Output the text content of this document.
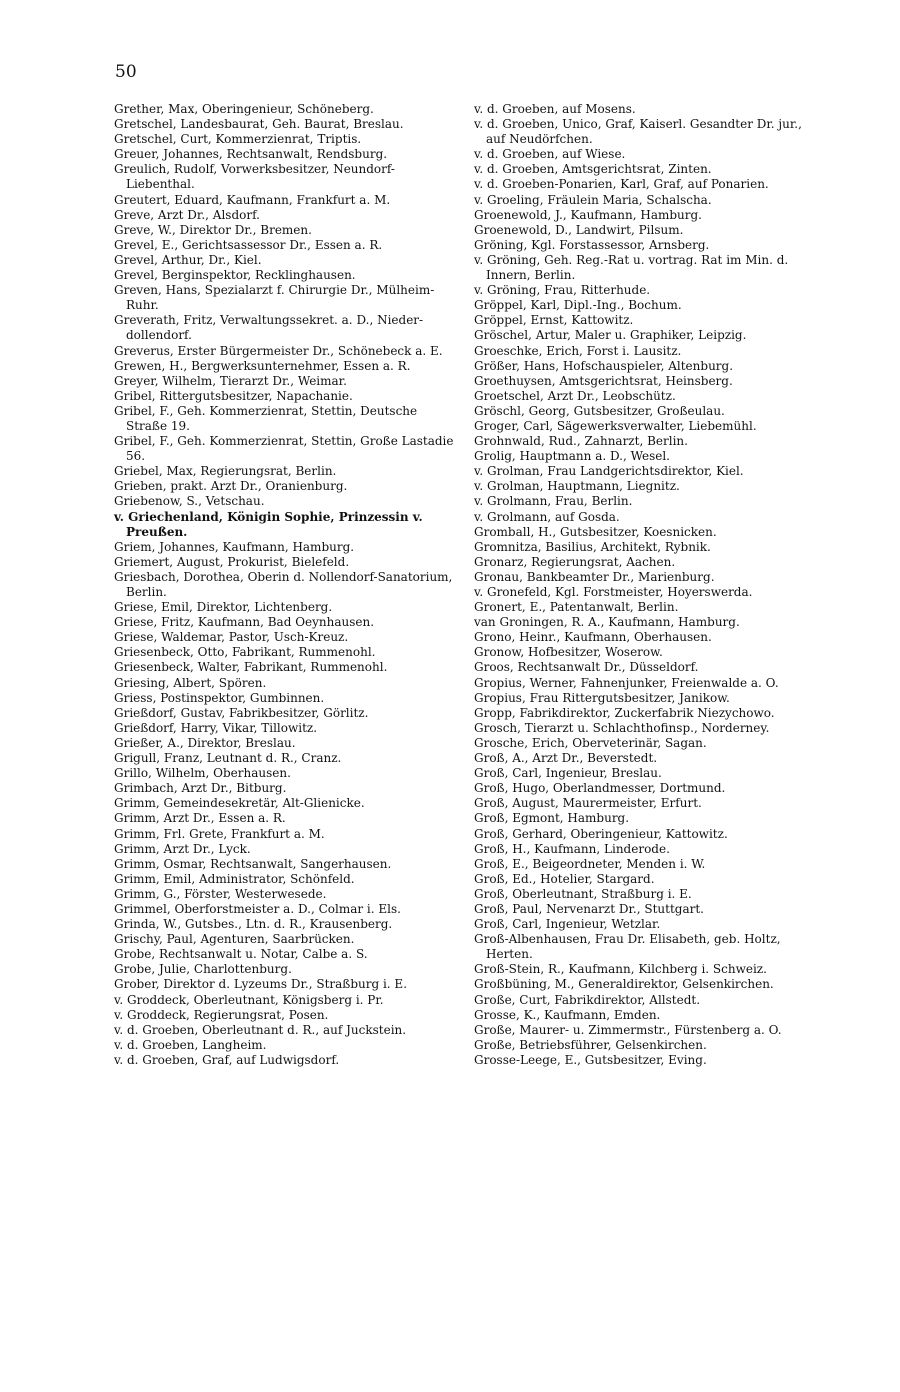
50
Grether, Max, Oberingenieur, Schöneberg.
Gretschel, Landesbaurat, Geh. Baurat, Breslau.
Gretschel, Curt, Kommerzienrat, Triptis.
Greuer, Johannes, Rechtsanwalt, Rendsburg.
Greulich, Rudolf, Vorwerksbesitzer, Neundorf-Liebenthal.
Greutert, Eduard, Kaufmann, Frankfurt a. M.
Greve, Arzt Dr., Alsdorf.
Greve, W., Direktor Dr., Bremen.
Grevel, E., Gerichtsassessor Dr., Essen a. R.
Grevel, Arthur, Dr., Kiel.
Grevel, Berginspektor, Recklinghausen.
Greven, Hans, Spezialarzt f. Chirurgie Dr., Mülheim-Ruhr.
Greverath, Fritz, Verwaltungssekret. a. D., Nieder-dollendorf.
Greverus, Erster Bürgermeister Dr., Schönebeck a. E.
Grewen, H., Bergwerksunternehmer, Essen a. R.
Greyer, Wilhelm, Tierarzt Dr., Weimar.
Gribel, Rittergutsbesitzer, Napachanie.
Gribel, F., Geh. Kommerzienrat, Stettin, Deutsche Straße 19.
Gribel, F., Geh. Kommerzienrat, Stettin, Große Lastadie 56.
Griebel, Max, Regierungsrat, Berlin.
Grieben, prakt. Arzt Dr., Oranienburg.
Griebenow, S., Vetschau.
v. Griechenland, Königin Sophie, Prinzessin v. Preußen.
Griem, Johannes, Kaufmann, Hamburg.
Griemert, August, Prokurist, Bielefeld.
Griesbach, Dorothea, Oberin d. Nollendorf-Sanatorium, Berlin.
Griese, Emil, Direktor, Lichtenberg.
Griese, Fritz, Kaufmann, Bad Oeynhausen.
Griese, Waldemar, Pastor, Usch-Kreuz.
Griesenbeck, Otto, Fabrikant, Rummenohl.
Griesenbeck, Walter, Fabrikant, Rummenohl.
Griesing, Albert, Spören.
Griess, Postinspektor, Gumbinnen.
Grießdorf, Gustav, Fabrikbesitzer, Görlitz.
Grießdorf, Harry, Vikar, Tillowitz.
Grießer, A., Direktor, Breslau.
Grigull, Franz, Leutnant d. R., Cranz.
Grillo, Wilhelm, Oberhausen.
Grimbach, Arzt Dr., Bitburg.
Grimm, Gemeindesekretär, Alt-Glienicke.
Grimm, Arzt Dr., Essen a. R.
Grimm, Frl. Grete, Frankfurt a. M.
Grimm, Arzt Dr., Lyck.
Grimm, Osmar, Rechtsanwalt, Sangerhausen.
Grimm, Emil, Administrator, Schönfeld.
Grimm, G., Förster, Westerwesede.
Grimmel, Oberforstmeister a. D., Colmar i. Els.
Grinda, W., Gutsbes., Ltn. d. R., Krausenberg.
Grischy, Paul, Agenturen, Saarbrücken.
Grobe, Rechtsanwalt u. Notar, Calbe a. S.
Grobe, Julie, Charlottenburg.
Grober, Direktor d. Lyzeums Dr., Straßburg i. E.
v. Groddeck, Oberleutnant, Königsberg i. Pr.
v. Groddeck, Regierungsrat, Posen.
v. d. Groeben, Oberleutnant d. R., auf Juckstein.
v. d. Groeben, Langheim.
v. d. Groeben, Graf, auf Ludwigsdorf.
v. d. Groeben, auf Mosens.
v. d. Groeben, Unico, Graf, Kaiserl. Gesandter Dr. jur., auf Neudörfchen.
v. d. Groeben, auf Wiese.
v. d. Groeben, Amtsgerichtsrat, Zinten.
v. d. Groeben-Ponarien, Karl, Graf, auf Ponarien.
v. Groeling, Fräulein Maria, Schalscha.
Groenewold, J., Kaufmann, Hamburg.
Groenewold, D., Landwirt, Pilsum.
Gröning, Kgl. Forstassessor, Arnsberg.
v. Gröning, Geh. Reg.-Rat u. vortrag. Rat im Min. d. Innern, Berlin.
v. Gröning, Frau, Ritterhude.
Gröppel, Karl, Dipl.-Ing., Bochum.
Gröppel, Ernst, Kattowitz.
Gröschel, Artur, Maler u. Graphiker, Leipzig.
Groeschke, Erich, Forst i. Lausitz.
Größer, Hans, Hofschauspieler, Altenburg.
Groethuysen, Amtsgerichtsrat, Heinsberg.
Groetschel, Arzt Dr., Leobschütz.
Gröschl, Georg, Gutsbesitzer, Großeulau.
Groger, Carl, Sägewerksverwalter, Liebemühl.
Grohnwald, Rud., Zahnarzt, Berlin.
Grolig, Hauptmann a. D., Wesel.
v. Grolman, Frau Landgerichtsdirektor, Kiel.
v. Grolman, Hauptmann, Liegnitz.
v. Grolmann, Frau, Berlin.
v. Grolmann, auf Gosda.
Gromball, H., Gutsbesitzer, Koesnicken.
Gromnitza, Basilius, Architekt, Rybnik.
Gronarz, Regierungsrat, Aachen.
Gronau, Bankbeamter Dr., Marienburg.
v. Gronefeld, Kgl. Forstmeister, Hoyerswerda.
Gronert, E., Patentanwalt, Berlin.
van Groningen, R. A., Kaufmann, Hamburg.
Grono, Heinr., Kaufmann, Oberhausen.
Gronow, Hofbesitzer, Woserow.
Groos, Rechtsanwalt Dr., Düsseldorf.
Gropius, Werner, Fahnenjunker, Freienwalde a. O.
Gropius, Frau Rittergutsbesitzer, Janikow.
Gropp, Fabrikdirektor, Zuckerfabrik Niezychowo.
Grosch, Tierarzt u. Schlachthofinsp., Norderney.
Grosche, Erich, Oberveterinär, Sagan.
Groß, A., Arzt Dr., Beverstedt.
Groß, Carl, Ingenieur, Breslau.
Groß, Hugo, Oberlandmesser, Dortmund.
Groß, August, Maurermeister, Erfurt.
Groß, Egmont, Hamburg.
Groß, Gerhard, Oberingenieur, Kattowitz.
Groß, H., Kaufmann, Linderode.
Groß, E., Beigeordneter, Menden i. W.
Groß, Ed., Hotelier, Stargard.
Groß, Oberleutnant, Straßburg i. E.
Groß, Paul, Nervenarzt Dr., Stuttgart.
Groß, Carl, Ingenieur, Wetzlar.
Groß-Albenhausen, Frau Dr. Elisabeth, geb. Holtz, Herten.
Groß-Stein, R., Kaufmann, Kilchberg i. Schweiz.
Großbüning, M., Generaldirektor, Gelsenkirchen.
Große, Curt, Fabrikdirektor, Allstedt.
Grosse, K., Kaufmann, Emden.
Große, Maurer- u. Zimmermstr., Fürstenberg a. O.
Große, Betriebsführer, Gelsenkirchen.
Grosse-Leege, E., Gutsbesitzer, Eving.
